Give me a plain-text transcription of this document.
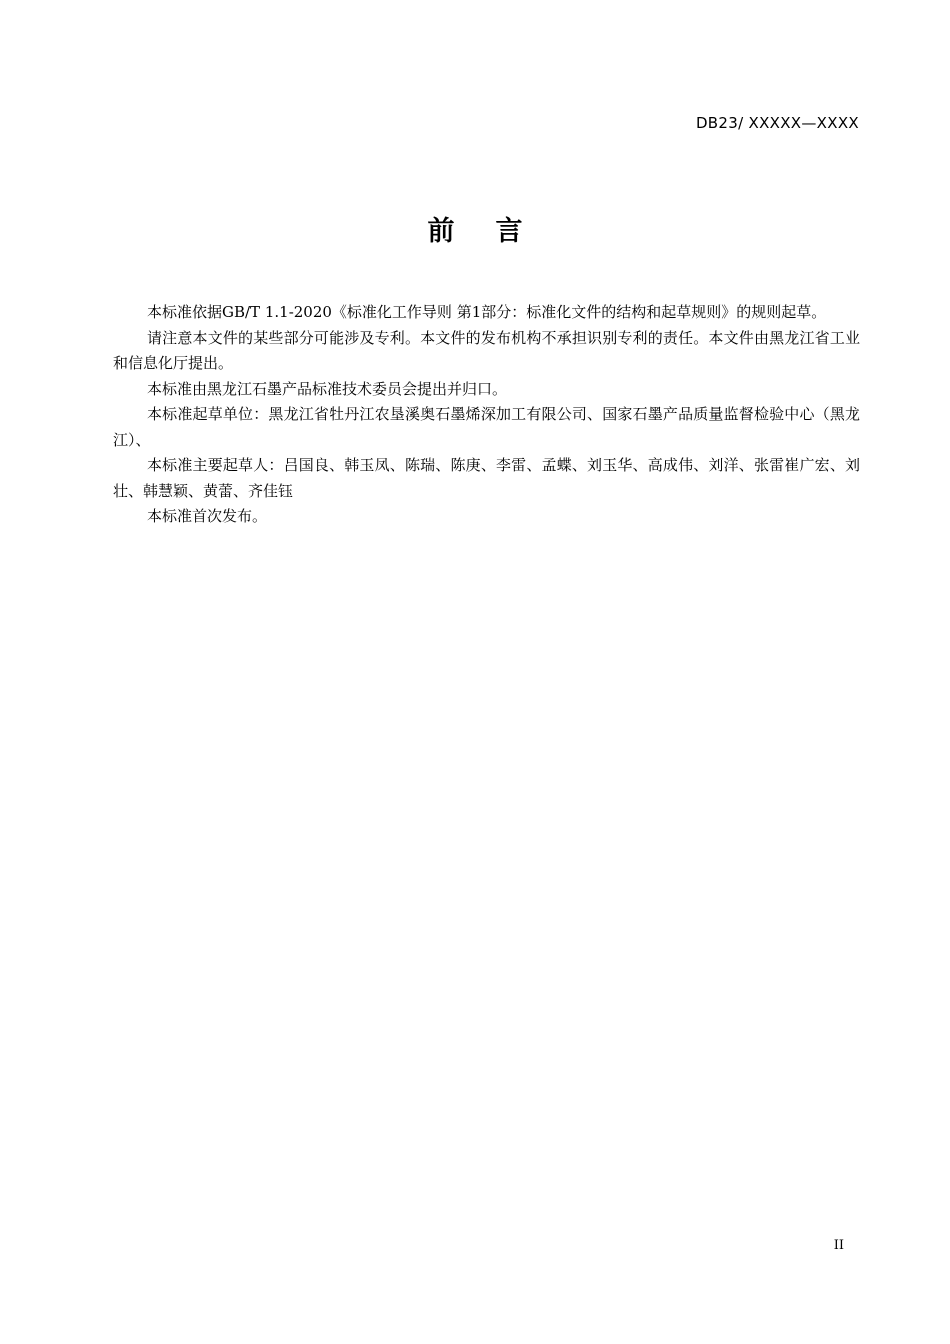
DB23/ XXXXX—XXXX
前言

本标准依据GB/T 1.1-2020《标准化工作导则 第1部分：标准化文件的结构和起草规则》的规则起草。

请注意本文件的某些部分可能涉及专利。本文件的发布机构不承担识别专利的责任。本文件由黑龙江省工业和信息化厅提出。

本标准由黑龙江石墨产品标准技术委员会提出并归口。

本标准起草单位：黑龙江省牡丹江农垦溪奥石墨烯深加工有限公司、国家石墨产品质量监督检验中心（黑龙江）、

本标准主要起草人：吕国良、韩玉凤、陈瑞、陈庚、李雷、孟蝶、刘玉华、高成伟、刘洋、张雷崔广宏、刘壮、韩慧颖、黄蕾、齐佳钰

本标准首次发布。

II
